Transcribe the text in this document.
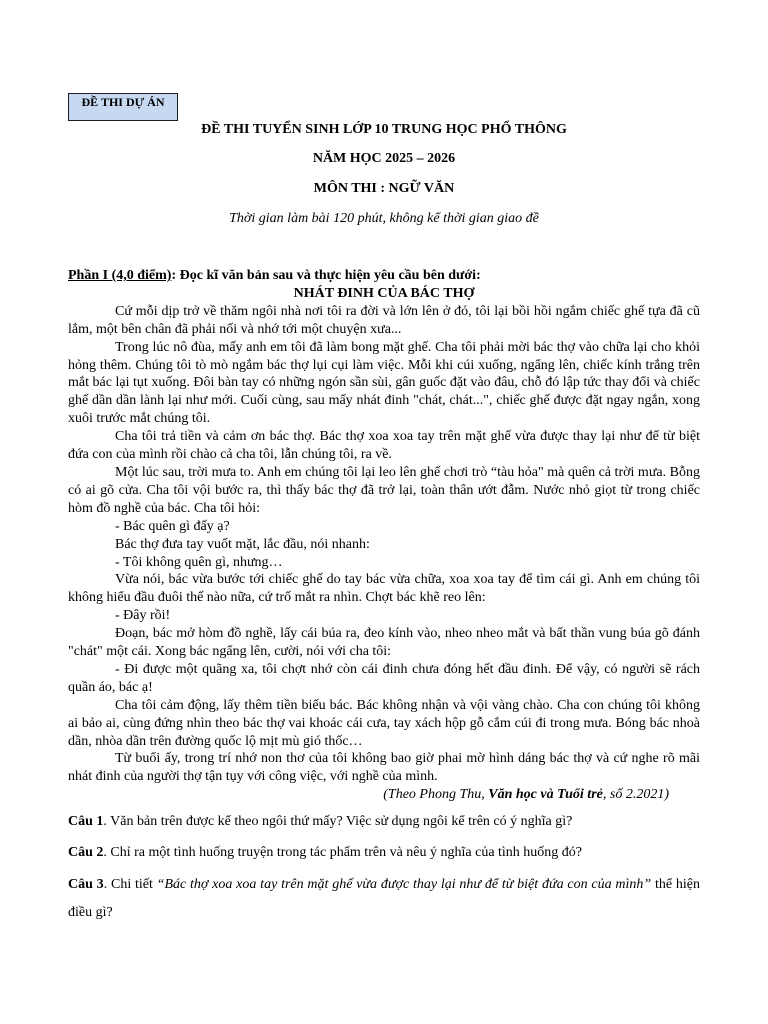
ĐỀ THI DỰ ÁN
ĐỀ THI TUYỂN SINH LỚP 10 TRUNG HỌC PHỔ THÔNG
NĂM HỌC 2025 – 2026
MÔN THI : NGỮ VĂN
Thời gian làm bài 120 phút, không kể thời gian giao đề

Phần I (4,0 điểm): Đọc kĩ văn bản sau và thực hiện yêu cầu bên dưới:

NHÁT ĐINH CỦA BÁC THỢ

Cứ mỗi dịp trở về thăm ngôi nhà nơi tôi ra đời và lớn lên ở đó, tôi lại bồi hồi ngắm chiếc ghế tựa đã cũ lắm, một bên chân đã phải nối và nhớ tới một chuyện xưa...

Trong lúc nô đùa, mấy anh em tôi đã làm bong mặt ghế. Cha tôi phải mời bác thợ vào chữa lại cho khỏi hỏng thêm. Chúng tôi tò mò ngắm bác thợ lụi cụi làm việc. Mỗi khi cúi xuống, ngẩng lên, chiếc kính trắng trên mắt bác lại tụt xuống. Đôi bàn tay có những ngón sần sùi, gân guốc đặt vào đâu, chỗ đó lập tức thay đổi và chiếc ghế dần dần lành lại như mới. Cuối cùng, sau mấy nhát đinh "chát, chát...", chiếc ghế được đặt ngay ngắn, xong xuôi trước mắt chúng tôi.

Cha tôi trả tiền và cảm ơn bác thợ. Bác thợ xoa xoa tay trên mặt ghế vừa được thay lại như để từ biệt đứa con của mình rồi chào cả cha tôi, lẫn chúng tôi, ra về.

Một lúc sau, trời mưa to. Anh em chúng tôi lại leo lên ghế chơi trò “tàu hỏa" mà quên cả trời mưa. Bỗng có ai gõ cửa. Cha tôi vội bước ra, thì thấy bác thợ đã trở lại, toàn thân ướt đẫm. Nước nhỏ giọt từ trong chiếc hòm đồ nghề của bác. Cha tôi hỏi:

- Bác quên gì đấy ạ?

Bác thợ đưa tay vuốt mặt, lắc đầu, nói nhanh:

- Tôi không quên gì, nhưng…

Vừa nói, bác vừa bước tới chiếc ghế do tay bác vừa chữa, xoa xoa tay để tìm cái gì. Anh em chúng tôi không hiểu đầu đuôi thế nào nữa, cứ trố mắt ra nhìn. Chợt bác khẽ reo lên:

- Đây rồi!

Đoạn, bác mở hòm đồ nghề, lấy cái búa ra, đeo kính vào, nheo nheo mắt và bất thần vung búa gõ đánh "chát" một cái. Xong bác ngẩng lên, cười, nói với cha tôi:

- Đi được một quãng xa, tôi chợt nhớ còn cái đinh chưa đóng hết đầu đinh. Để vậy, có người sẽ rách quần áo, bác ạ!

Cha tôi cảm động, lấy thêm tiền biếu bác. Bác không nhận và vội vàng chào. Cha con chúng tôi không ai bảo ai, cùng đứng nhìn theo bác thợ vai khoác cái cưa, tay xách hộp gỗ cắm cúi đi trong mưa. Bóng bác nhoà dần, nhòa dần trên đường quốc lộ mịt mù gió thốc…

Từ buổi ấy, trong trí nhớ non thơ của tôi không bao giờ phai mờ hình dáng bác thợ và cứ nghe rõ mãi nhát đinh của người thợ tận tụy với công việc, với nghề của mình.

(Theo Phong Thu, Văn học và Tuổi trẻ, số 2.2021)

Câu 1. Văn bản trên được kể theo ngôi thứ mấy? Việc sử dụng ngôi kể trên có ý nghĩa gì?

Câu 2. Chỉ ra một tình huống truyện trong tác phẩm trên và nêu ý nghĩa của tình huống đó?

Câu 3. Chi tiết “Bác thợ xoa xoa tay trên mặt ghế vừa được thay lại như để từ biệt đứa con của mình” thể hiện điều gì?
